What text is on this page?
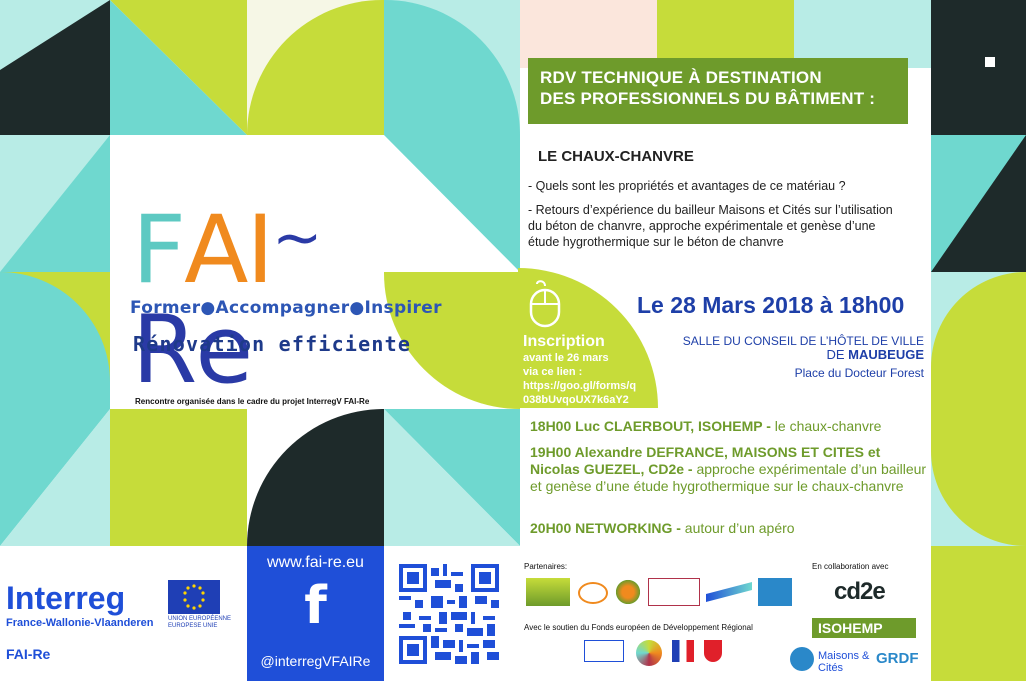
RDV TECHNIQUE À DESTINATION
DES PROFESSIONNELS DU BÂTIMENT :
LE CHAUX-CHANVRE
- Quels sont les propriétés et avantages de ce matériau ?
- Retours d’expérience du bailleur Maisons et Cités sur l’utilisation
du béton de chanvre, approche expérimentale et genèse d’une
étude hygrothermique sur le béton de chanvre
FAI~Re
Former●Accompagner●Inspirer
Rénovation efficiente
Rencontre organisée dans le cadre du projet InterregV FAI-Re
Inscription
avant le 26 mars
via ce lien :
https://goo.gl/forms/q
038bUvqoUX7k6aY2
Le 28 Mars 2018 à 18h00
SALLE DU CONSEIL DE L’HÔTEL DE VILLE
DE MAUBEUGE
Place du Docteur Forest
18H00 Luc CLAERBOUT, ISOHEMP - le chaux-chanvre
19H00 Alexandre DEFRANCE, MAISONS ET CITES et Nicolas GUEZEL, CD2e - approche expérimentale d’un bailleur et genèse d’une étude hygrothermique sur le chaux-chanvre
20H00 NETWORKING - autour d’un apéro
Interreg
France-Wallonie-Vlaanderen UNION EUROPÉENNE
EUROPESE UNIE
FAI-Re
www.fai-re.eu
f
@interregVFAIRe
Partenaires:
Avec le soutien du Fonds européen de Développement Régional
En collaboration avec
cd2e
ISOHEMP
Maisons & Cités
GRDF
